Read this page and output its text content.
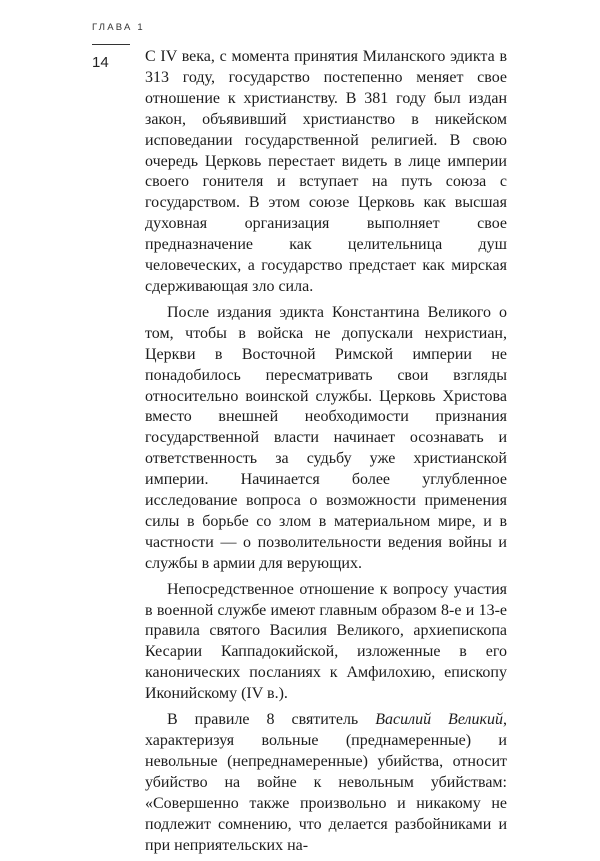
ГЛАВА 1
14 С IV века, с момента принятия Миланского эдикта в 313 году, государство постепенно меняет свое отношение к христианству. В 381 году был издан закон, объявивший христианство в никейском исповедании государственной религией. В свою очередь Церковь перестает видеть в лице империи своего гонителя и вступает на путь союза с государством. В этом союзе Церковь как высшая духовная организация выполняет свое предназначение как целительница душ человеческих, а государство предстает как мирская сдерживающая зло сила.

После издания эдикта Константина Великого о том, чтобы в войска не допускали нехристиан, Церкви в Восточной Римской империи не понадобилось пересматривать свои взгляды относительно воинской службы. Церковь Христова вместо внешней необходимости признания государственной власти начинает осознавать и ответственность за судьбу уже христианской империи. Начинается более углубленное исследование вопроса о возможности применения силы в борьбе со злом в материальном мире, и в частности — о позволительности ведения войны и службы в армии для верующих.

Непосредственное отношение к вопросу участия в военной службе имеют главным образом 8-е и 13-е правила святого Василия Великого, архиепископа Кесарии Каппадокийской, изложенные в его канонических посланиях к Амфилохию, епископу Иконийскому (IV в.).

В правиле 8 святитель Василий Великий, характеризуя вольные (преднамеренные) и невольные (непреднамеренные) убийства, относит убийство на войне к невольным убийствам: «Совершенно также произвольно и никакому не подлежит сомнению, что делается разбойниками и при неприятельских на-
